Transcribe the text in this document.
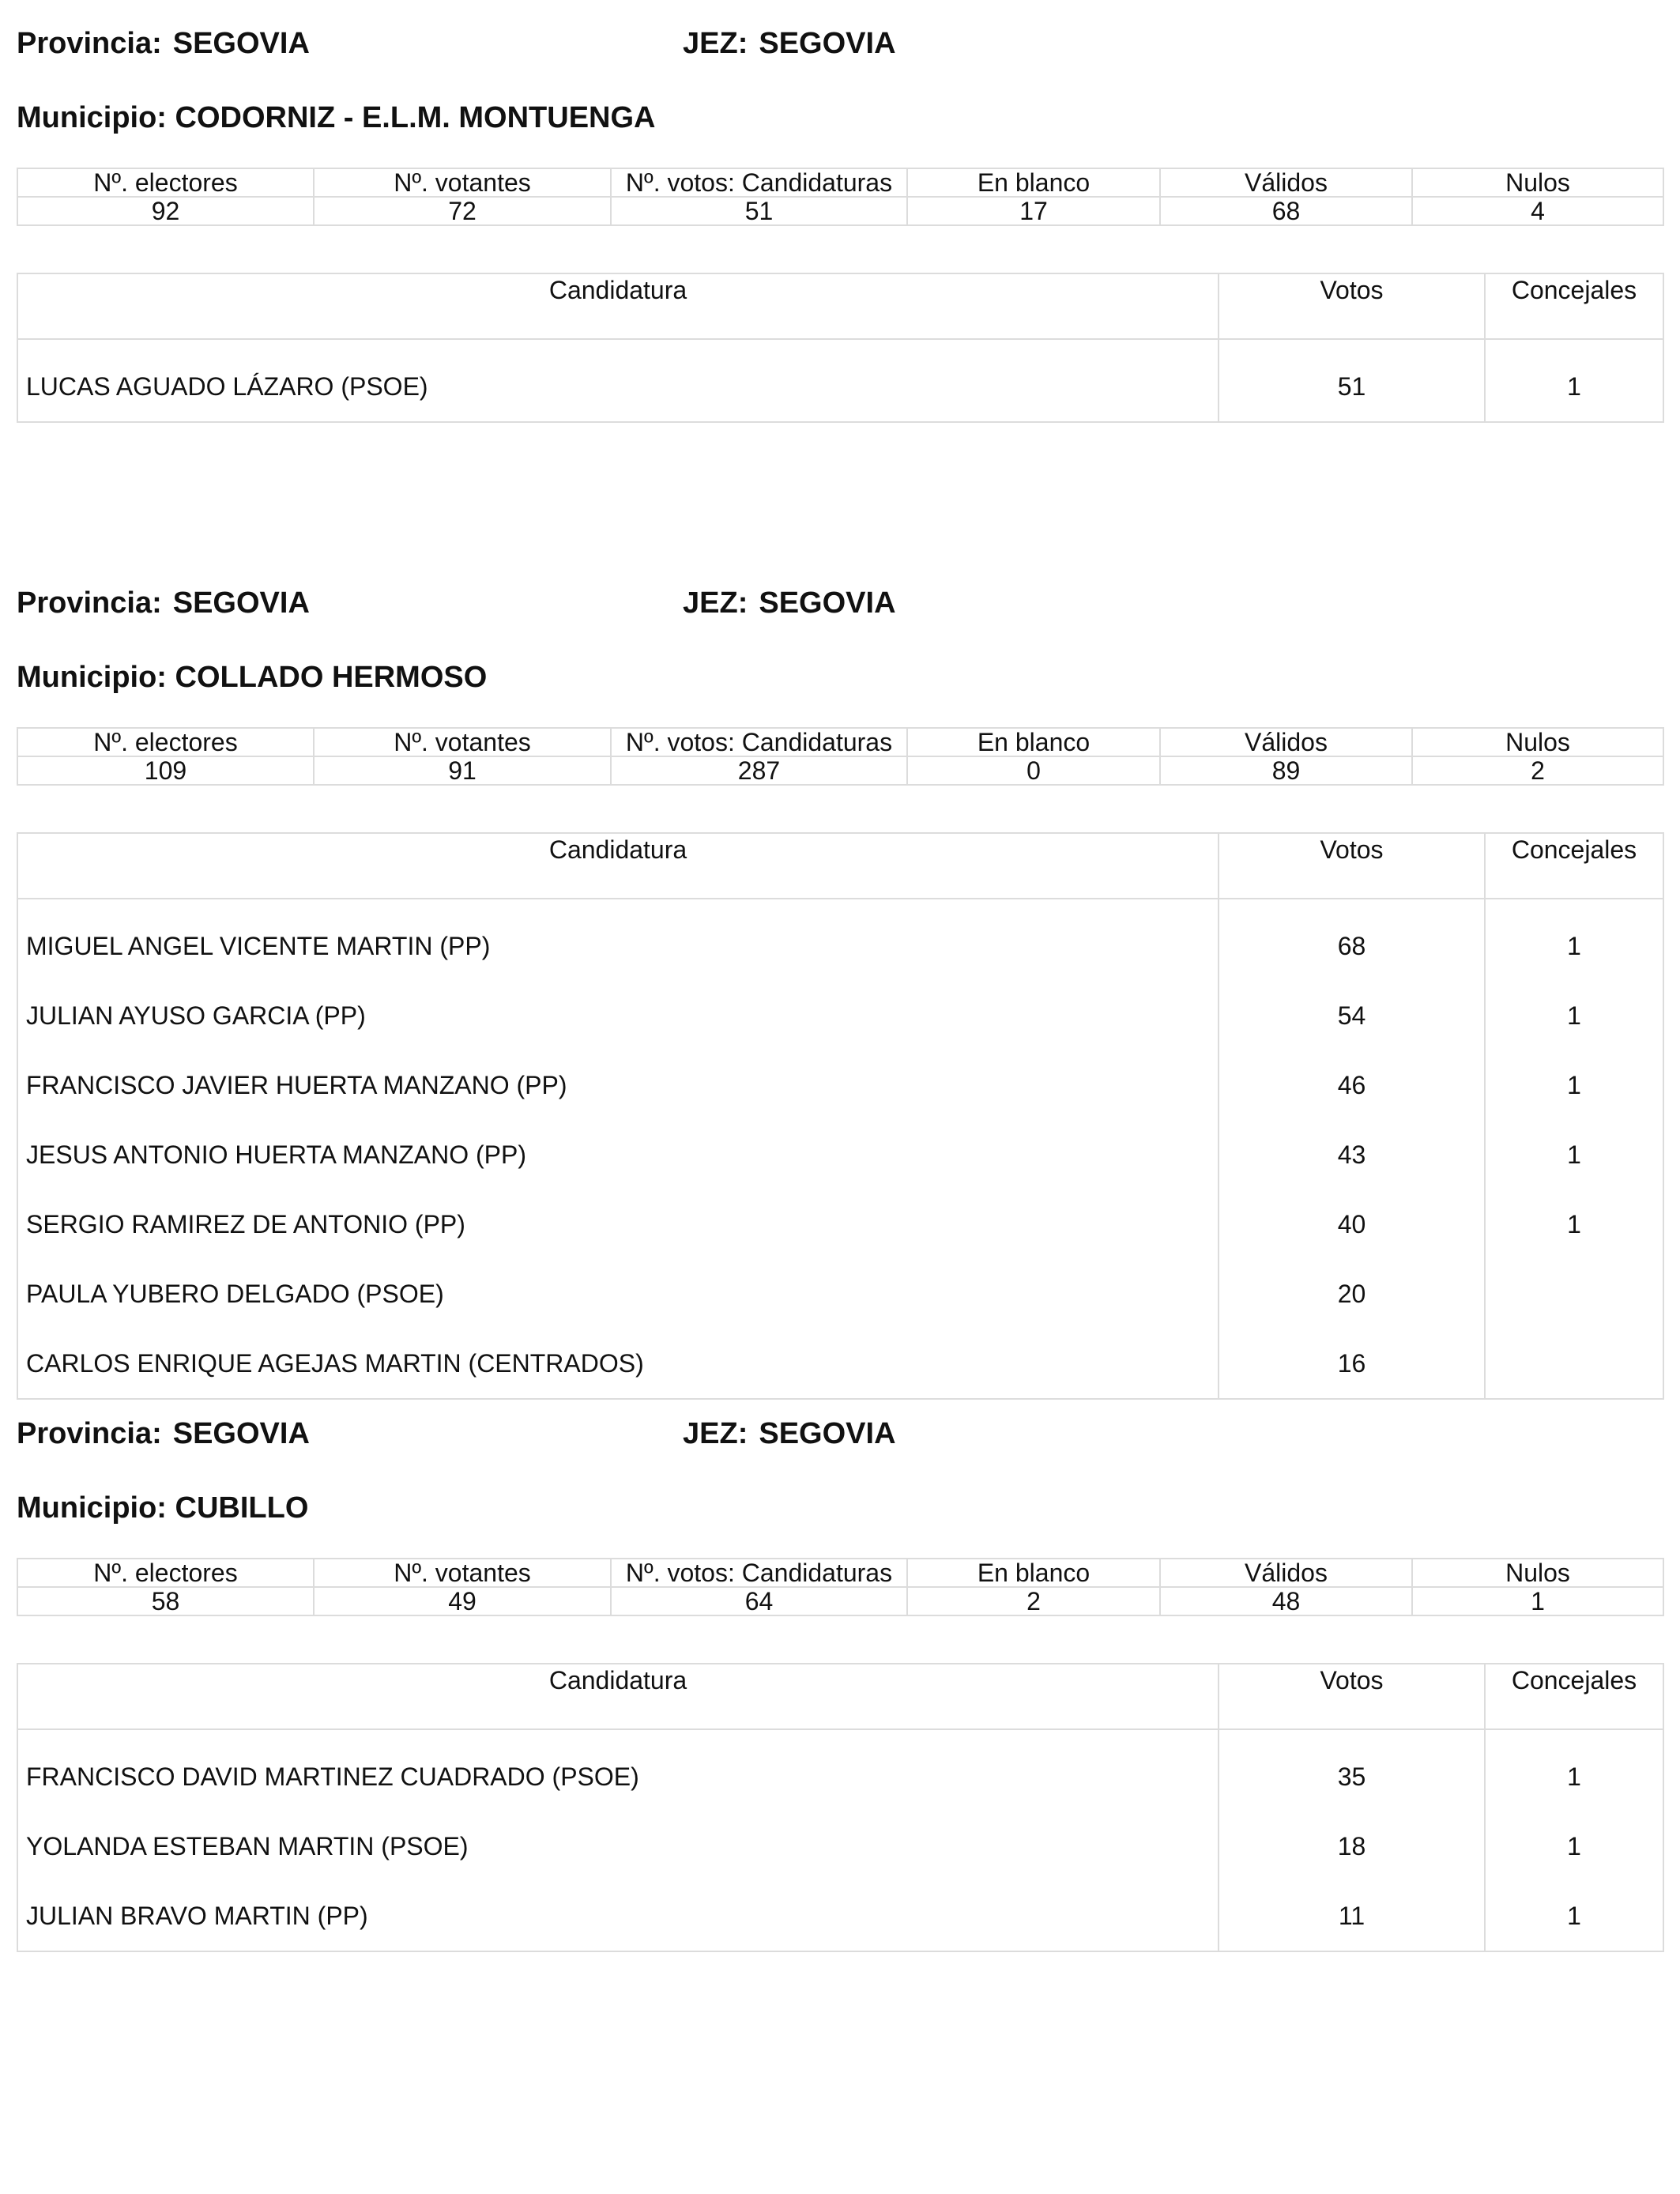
Provincia: SEGOVIA	JEZ: SEGOVIA
Municipio: CODORNIZ - E.L.M. MONTUENGA
Nº. electores	Nº. votantes	Nº. votos: Candidaturas	En blanco	Válidos	Nulos
92	72	51	17	68	4
Candidatura	Votos	Concejales
LUCAS AGUADO LÁZARO (PSOE)	51	1
Provincia: SEGOVIA	JEZ: SEGOVIA
Municipio: COLLADO HERMOSO
Nº. electores	Nº. votantes	Nº. votos: Candidaturas	En blanco	Válidos	Nulos
109	91	287	0	89	2
Candidatura	Votos	Concejales
MIGUEL ANGEL VICENTE MARTIN (PP)	68	1
JULIAN AYUSO GARCIA (PP)	54	1
FRANCISCO JAVIER HUERTA MANZANO (PP)	46	1
JESUS ANTONIO HUERTA MANZANO (PP)	43	1
SERGIO RAMIREZ DE ANTONIO (PP)	40	1
PAULA YUBERO DELGADO (PSOE)	20	
CARLOS ENRIQUE AGEJAS MARTIN (CENTRADOS)	16	
Provincia: SEGOVIA	JEZ: SEGOVIA
Municipio: CUBILLO
Nº. electores	Nº. votantes	Nº. votos: Candidaturas	En blanco	Válidos	Nulos
58	49	64	2	48	1
Candidatura	Votos	Concejales
FRANCISCO DAVID MARTINEZ CUADRADO (PSOE)	35	1
YOLANDA ESTEBAN MARTIN (PSOE)	18	1
JULIAN BRAVO MARTIN (PP)	11	1
